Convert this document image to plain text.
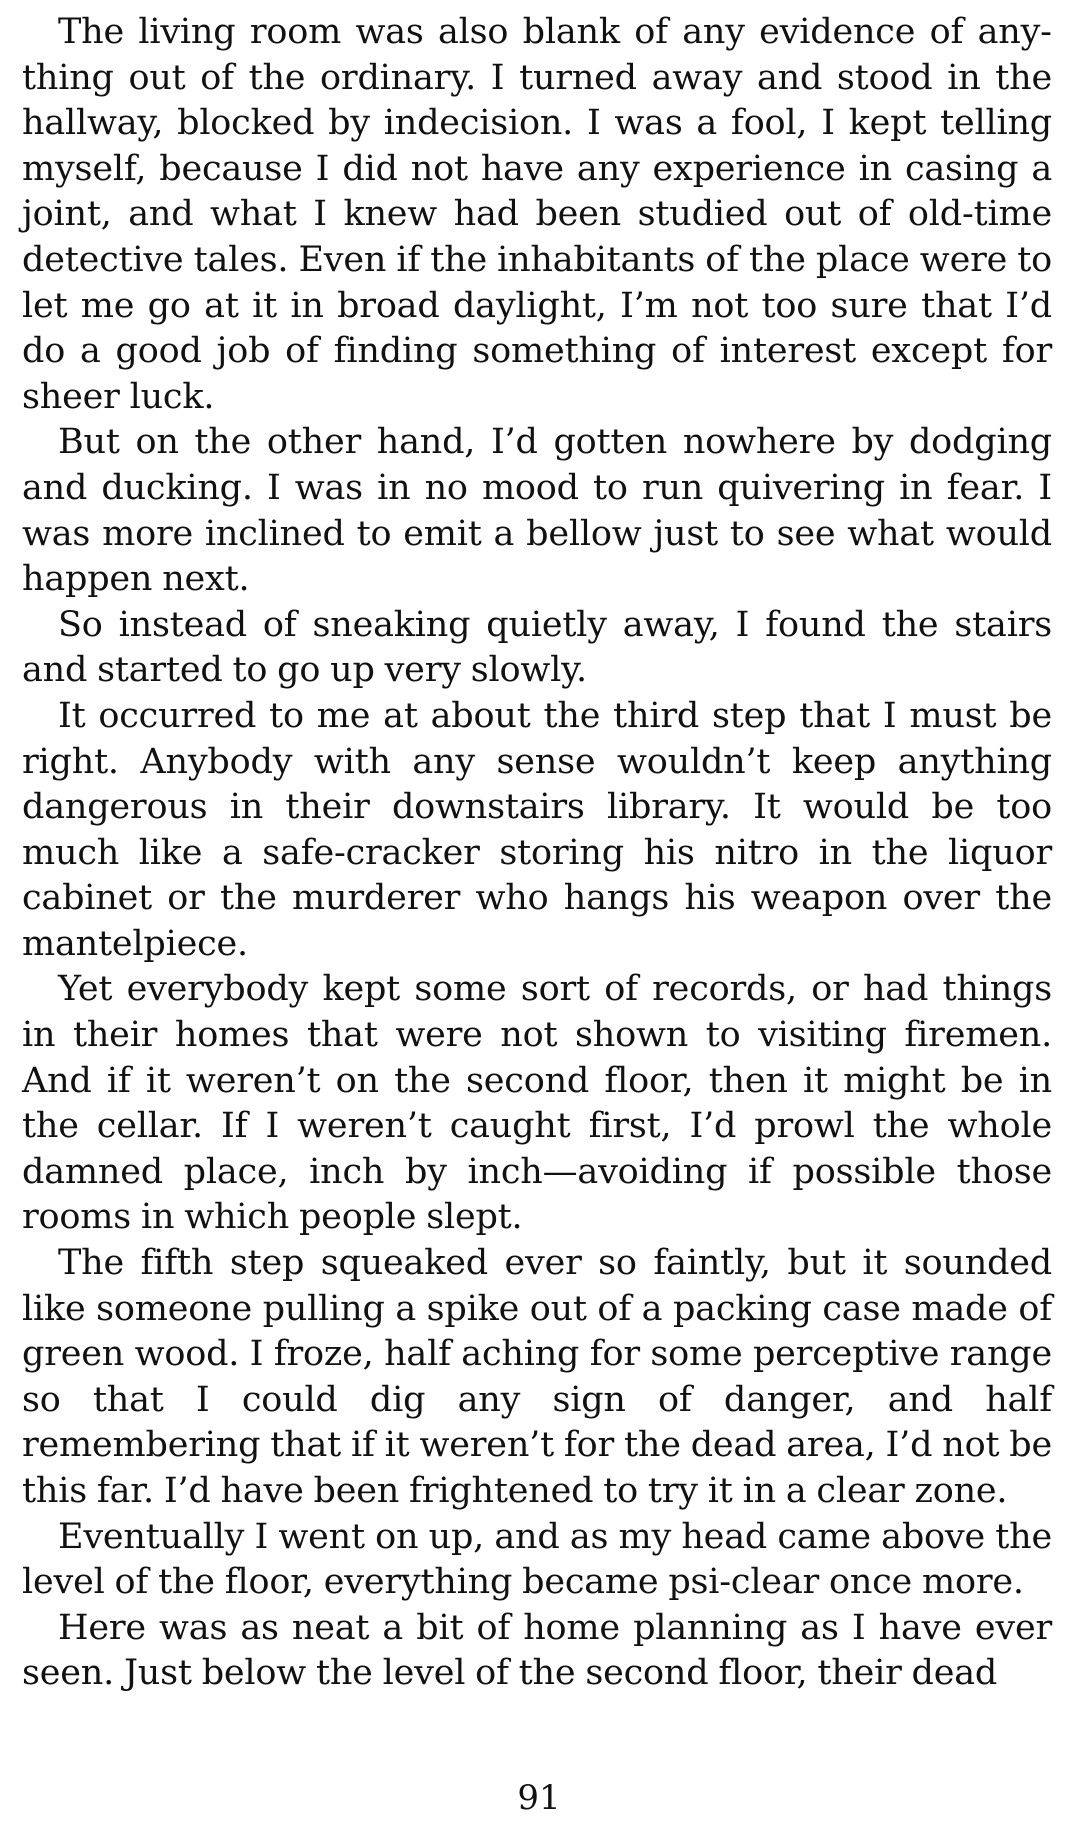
The living room was also blank of any evidence of anything out of the ordinary. I turned away and stood in the hallway, blocked by indecision. I was a fool, I kept telling myself, because I did not have any experience in casing a joint, and what I knew had been studied out of old-time detective tales. Even if the inhabitants of the place were to let me go at it in broad daylight, I’m not too sure that I’d do a good job of finding something of interest except for sheer luck.

But on the other hand, I’d gotten nowhere by dodging and ducking. I was in no mood to run quivering in fear. I was more inclined to emit a bellow just to see what would happen next.

So instead of sneaking quietly away, I found the stairs and started to go up very slowly.

It occurred to me at about the third step that I must be right. Anybody with any sense wouldn’t keep anything dangerous in their downstairs library. It would be too much like a safe-cracker storing his nitro in the liquor cabinet or the murderer who hangs his weapon over the mantelpiece.

Yet everybody kept some sort of records, or had things in their homes that were not shown to visiting firemen. And if it weren’t on the second floor, then it might be in the cellar. If I weren’t caught first, I’d prowl the whole damned place, inch by inch—avoiding if possible those rooms in which people slept.

The fifth step squeaked ever so faintly, but it sounded like someone pulling a spike out of a packing case made of green wood. I froze, half aching for some perceptive range so that I could dig any sign of danger, and half remembering that if it weren’t for the dead area, I’d not be this far. I’d have been frightened to try it in a clear zone.

Eventually I went on up, and as my head came above the level of the floor, everything became psi-clear once more.

Here was as neat a bit of home planning as I have ever seen. Just below the level of the second floor, their dead

91
